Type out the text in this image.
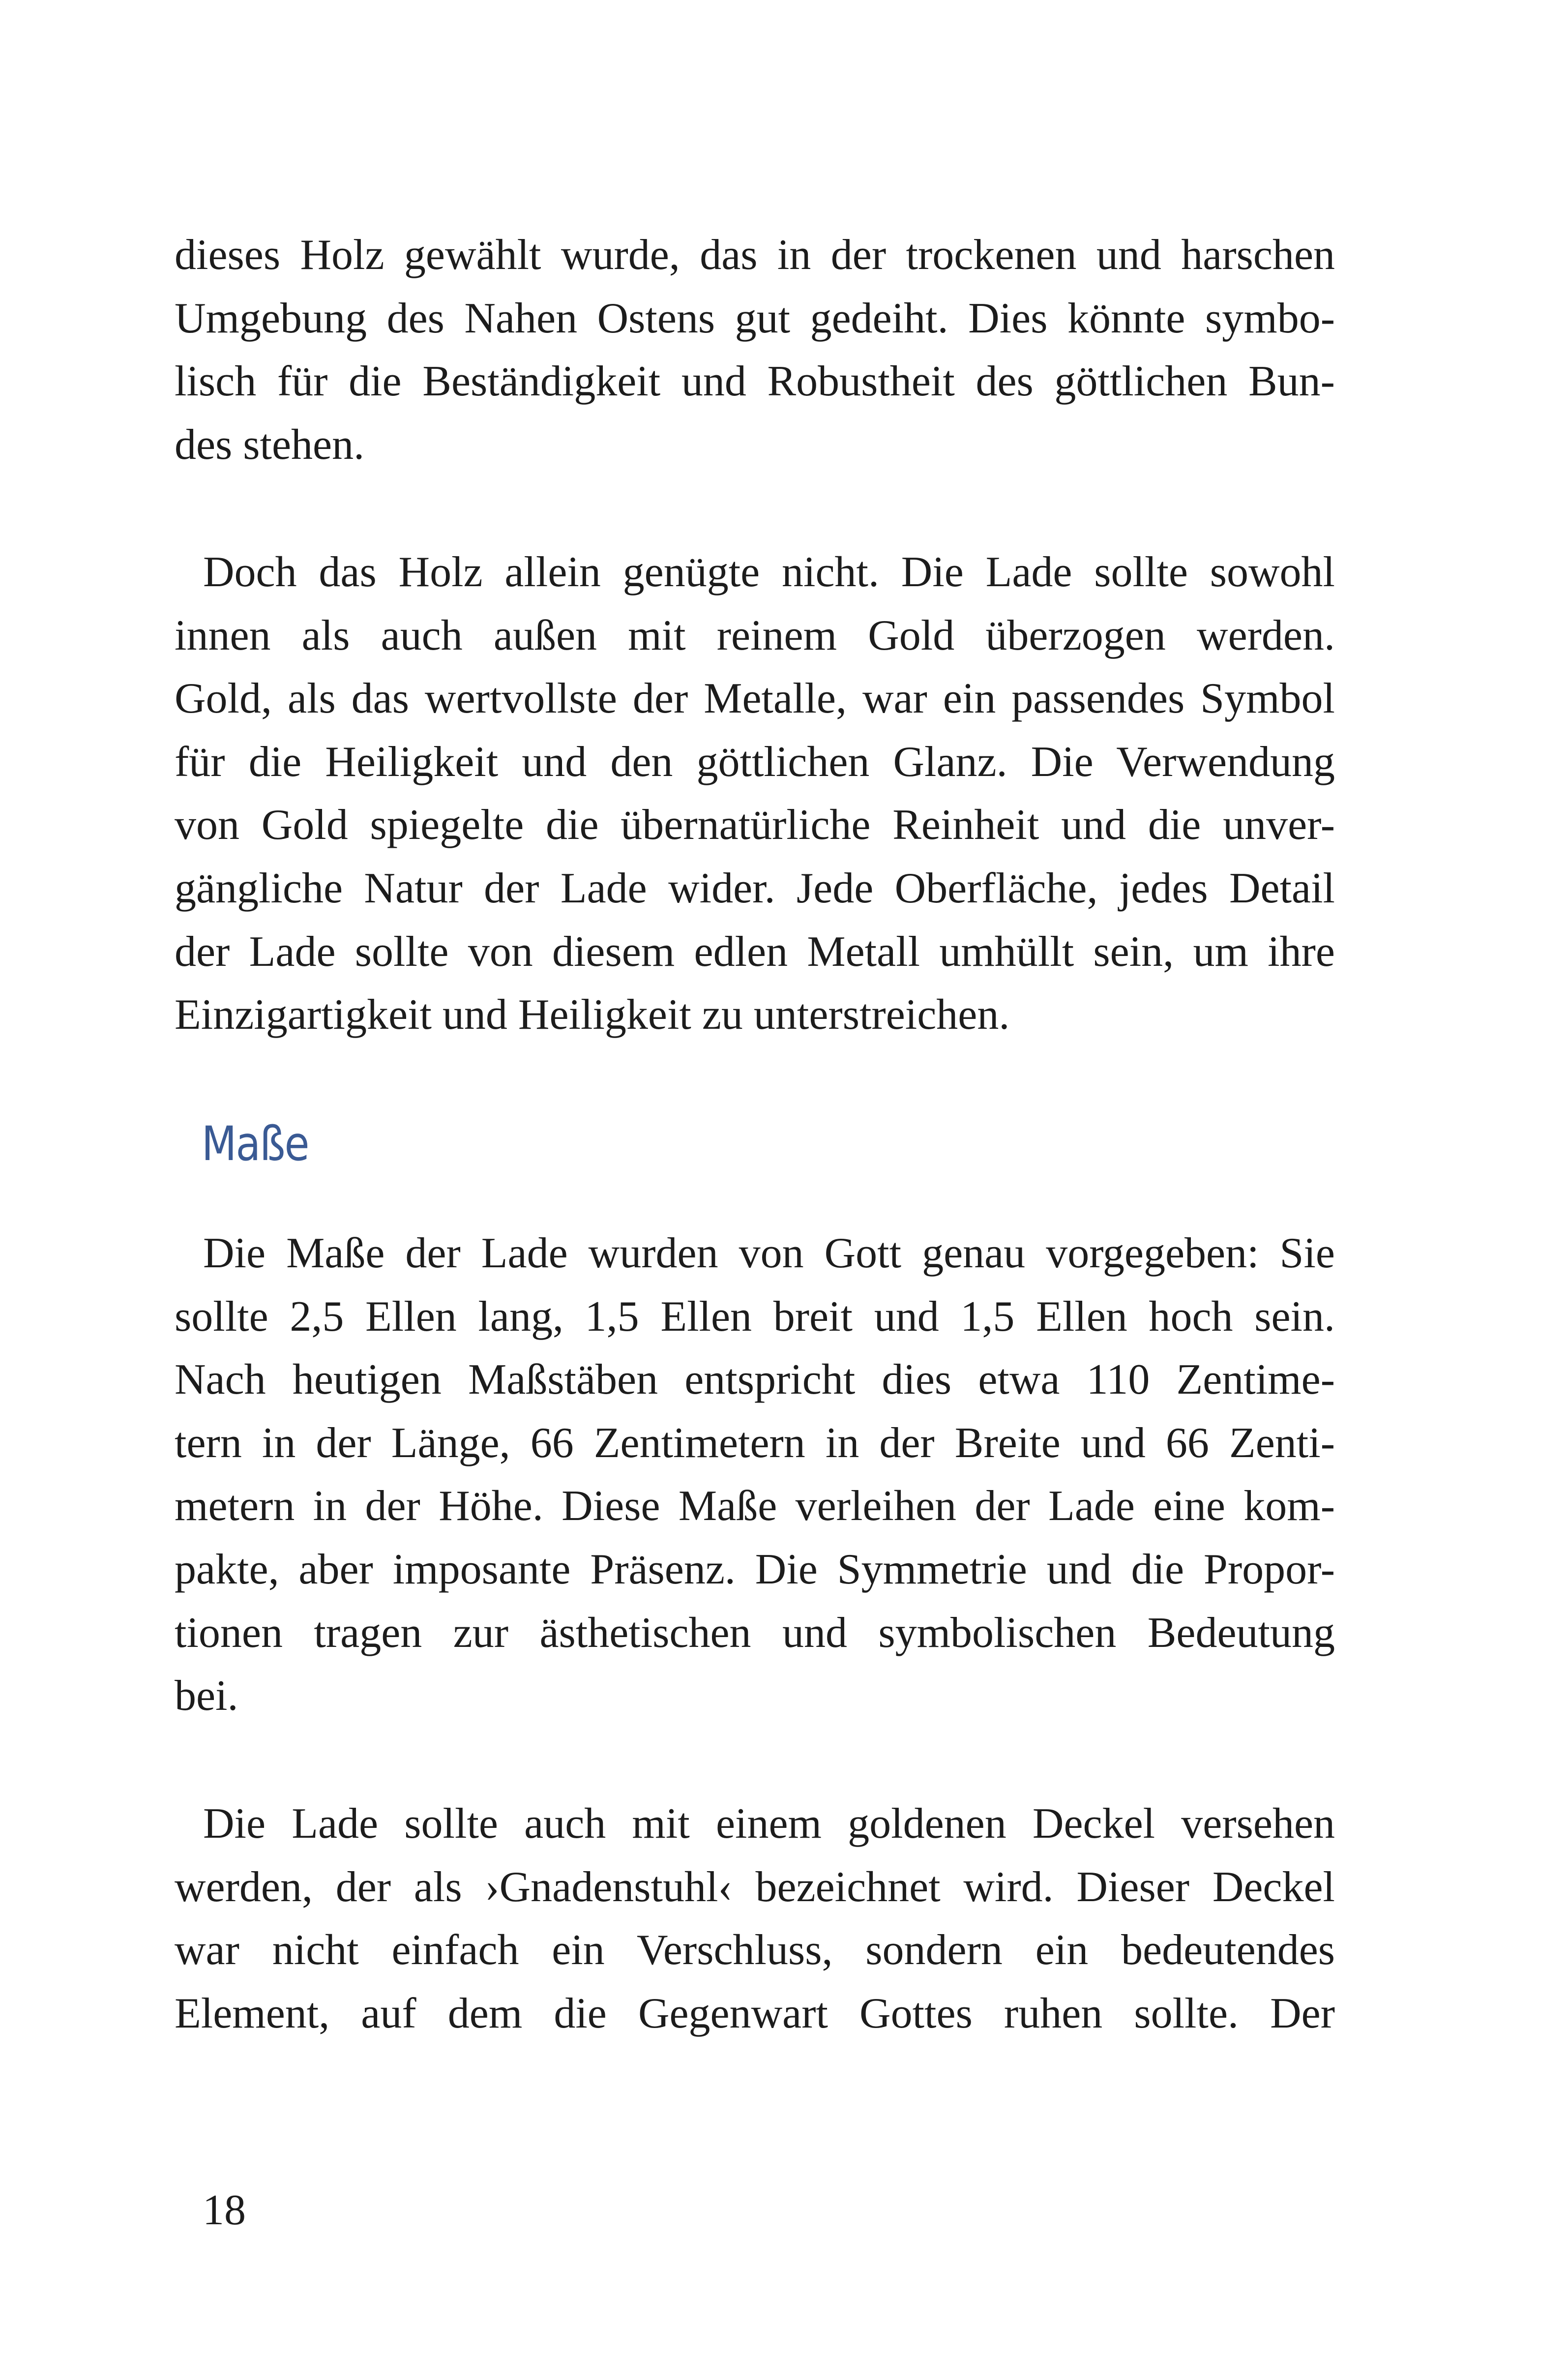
dieses Holz gewählt wurde, das in der trockenen und harschen
Umgebung des Nahen Ostens gut gedeiht. Dies könnte symbo-
lisch für die Beständigkeit und Robustheit des göttlichen Bun-
des stehen.

Doch das Holz allein genügte nicht. Die Lade sollte sowohl
innen als auch außen mit reinem Gold überzogen werden.
Gold, als das wertvollste der Metalle, war ein passendes Symbol
für die Heiligkeit und den göttlichen Glanz. Die Verwendung
von Gold spiegelte die übernatürliche Reinheit und die unver-
gängliche Natur der Lade wider. Jede Oberfläche, jedes Detail
der Lade sollte von diesem edlen Metall umhüllt sein, um ihre
Einzigartigkeit und Heiligkeit zu unterstreichen.

Maße

Die Maße der Lade wurden von Gott genau vorgegeben: Sie
sollte 2,5 Ellen lang, 1,5 Ellen breit und 1,5 Ellen hoch sein.
Nach heutigen Maßstäben entspricht dies etwa 110 Zentime-
tern in der Länge, 66 Zentimetern in der Breite und 66 Zenti-
metern in der Höhe. Diese Maße verleihen der Lade eine kom-
pakte, aber imposante Präsenz. Die Symmetrie und die Propor-
tionen tragen zur ästhetischen und symbolischen Bedeutung
bei.

Die Lade sollte auch mit einem goldenen Deckel versehen
werden, der als ›Gnadenstuhl‹ bezeichnet wird. Dieser Deckel
war nicht einfach ein Verschluss, sondern ein bedeutendes
Element, auf dem die Gegenwart Gottes ruhen sollte. Der

18
